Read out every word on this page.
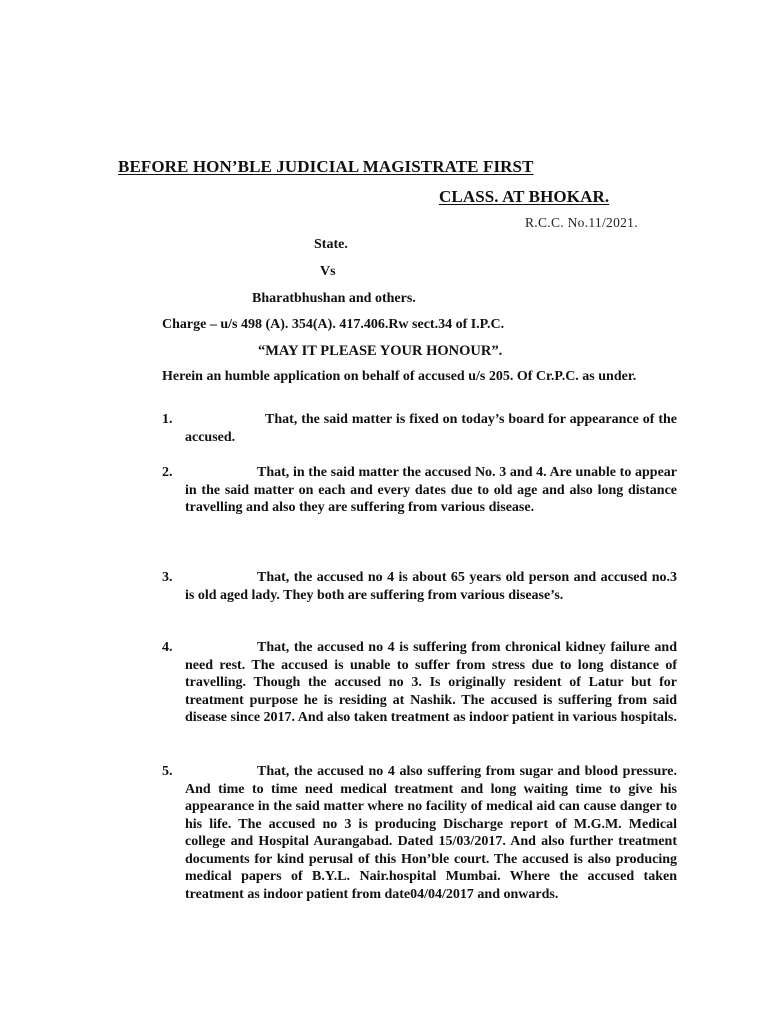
BEFORE HON’BLE JUDICIAL MAGISTRATE FIRST
CLASS. AT BHOKAR.
R.C.C. No.11/2021.
State.
Vs
Bharatbhushan and others.
Charge – u/s 498 (A). 354(A). 417.406.Rw sect.34 of I.P.C.
“MAY IT PLEASE YOUR HONOUR”.
Herein an humble application on behalf of accused u/s 205. Of Cr.P.C. as under.
1.	That, the said matter is fixed on today’s board for appearance of the accused.
2.	That, in the said matter the accused No. 3 and 4. Are unable to appear in the said matter on each and every dates due to old age and also long distance travelling and also they are suffering from various disease.
3.	That, the accused no 4 is about 65 years old person and accused no.3 is old aged lady. They both are suffering from various disease’s.
4.	That, the accused no 4 is suffering from chronical kidney failure and need rest. The accused is unable to suffer from stress due to long distance of travelling. Though the accused no 3. Is originally resident of Latur but for treatment purpose he is residing at Nashik. The accused is suffering from said disease since 2017. And also taken treatment as indoor patient in various hospitals.
5.	That, the accused no 4 also suffering from sugar and blood pressure. And time to time need medical treatment and long waiting time to give his appearance in the said matter where no facility of medical aid can cause danger to his life. The accused no 3 is producing Discharge report of M.G.M. Medical college and Hospital Aurangabad. Dated 15/03/2017. And also further treatment documents for kind perusal of this Hon’ble court. The accused is also producing medical papers of B.Y.L. Nair.hospital Mumbai. Where the accused taken treatment as indoor patient from date04/04/2017 and onwards.
